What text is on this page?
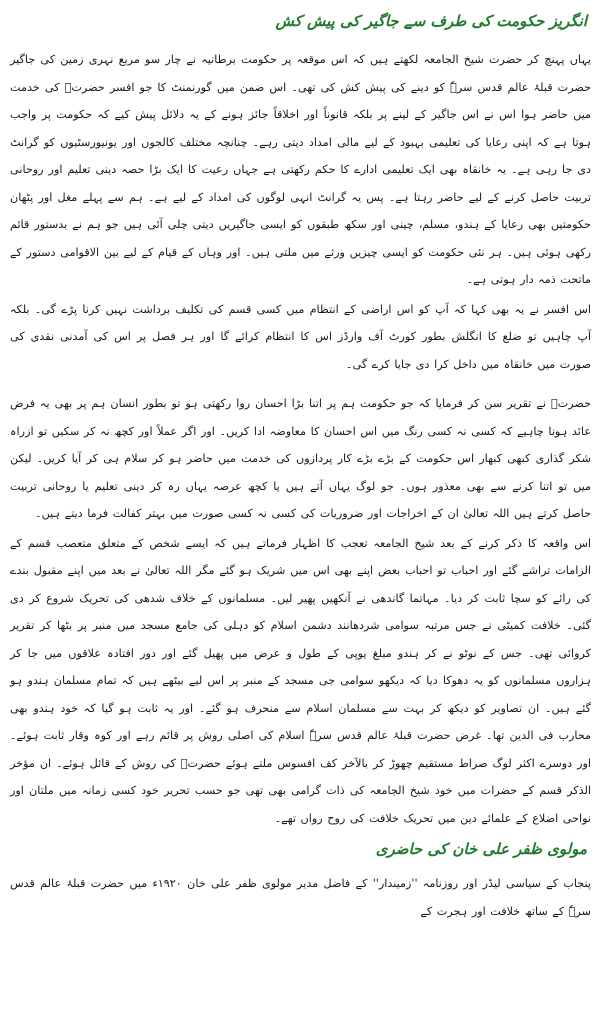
انگریز حکومت کی طرف سے جاگیر کی پیش کش

یہاں پہنچ کر حضرت شیخ الجامعہ لکھتے ہیں کہ اس موقعہ پر حکومت برطانیہ نے چار سو مربع نہری زمین کی جاگیر حضرت قبلۂ عالم قدس سرہٗ کو دینے کی پیش کش کی تھی۔ اس ضمن میں گورنمنٹ کا جو افسر حضرتؒ کی خدمت میں حاضر ہوا اس نے اس جاگیر کے لینے پر بلکہ قانوناً اور اخلاقاً جائز ہونے کے یہ دلائل پیش کیے کہ حکومت پر واجب ہوتا ہے کہ اپنی رعایا کی تعلیمی بہبود کے لیے مالی امداد دیتی رہے۔ چنانچہ مختلف کالجوں اور یونیورسٹیوں کو گرانٹ دی جا رہی ہے۔ یہ خانقاہ بھی ایک تعلیمی ادارے کا حکم رکھتی ہے جہاں رعیت کا ایک بڑا حصہ دینی تعلیم اور روحانی تربیت حاصل کرنے کے لیے حاضر رہتا ہے۔ پس یہ گرانٹ انہی لوگوں کی امداد کے لیے ہے۔ ہم سے پہلے مغل اور پٹھان حکومتیں بھی رعایا کے ہندو، مسلم، چینی اور سکھ طبقوں کو ایسی جاگیریں دیتی چلی آئی ہیں جو ہم نے بدستور قائم رکھی ہوئی ہیں۔ ہر نئی حکومت کو ایسی چیزیں ورثے میں ملتی ہیں۔ اور وہاں کے قیام کے لیے بین الاقوامی دستور کے ماتحت ذمہ دار ہوتی ہے۔

اس افسر نے یہ بھی کہا کہ آپ کو اس اراضی کے انتظام میں کسی قسم کی تکلیف برداشت نہیں کرنا پڑے گی۔ بلکہ آپ چاہیں تو ضلع کا انگلش بطور کورٹ آف وارڈز اس کا انتظام کرائے گا اور ہر فصل پر اس کی آمدنی نقدی کی صورت میں خانقاہ میں داخل کرا دی جایا کرے گی۔

حضرتؒ نے تقریر سن کر فرمایا کہ جو حکومت ہم پر اتنا بڑا احسان روا رکھتی ہو تو بطور انسان ہم پر بھی یہ فرض عائد ہونا چاہیے کہ کسی نہ کسی رنگ میں اس احسان کا معاوضہ ادا کریں۔ اور اگر عملاً اور کچھ نہ کر سکیں تو ازراہ شکر گذاری کبھی کبھار اس حکومت کے بڑے بڑے کار پردازوں کی خدمت میں حاضر ہو کر سلام ہی کر آیا کریں۔ لیکن میں تو اتنا کرنے سے بھی معذور ہوں۔ جو لوگ یہاں آتے ہیں یا کچھ عرصہ یہاں رہ کر دینی تعلیم یا روحانی تربیت حاصل کرتے ہیں اللہ تعالیٰ ان کے اخراجات اور ضروریات کی کسی نہ کسی صورت میں بہتر کفالت فرما دیتے ہیں۔

اس واقعہ کا ذکر کرنے کے بعد شیخ الجامعہ تعجب کا اظہار فرماتے ہیں کہ ایسے شخص کے متعلق متعصب قسم کے الزامات تراشے گئے اور احباب تو احباب بعض اپنے بھی اس میں شریک ہو گئے مگر اللہ تعالیٰ نے بعد میں اپنے مقبول بندے کی رائے کو سچا ثابت کر دیا۔ مہاتما گاندھی نے آنکھیں پھیر لیں۔ مسلمانوں کے خلاف شدھی کی تحریک شروع کر دی گئی۔ خلافت کمیٹی نے جس مرتبہ سوامی شردھانند دشمن اسلام کو دہلی کی جامع مسجد میں منبر پر بٹھا کر تقریر کروائی تھی۔ جس کے نوٹو نے کر ہندو مبلغ یوپی کے طول و عرض میں پھیل گئے اور دور افتادہ علاقوں میں جا کر ہزاروں مسلمانوں کو یہ دھوکا دیا کہ دیکھو سوامی جی مسجد کے منبر پر اس لیے بیٹھے ہیں کہ تمام مسلمان ہندو ہو گئے ہیں۔ ان تصاویر کو دیکھ کر بہت سے مسلمان اسلام سے منحرف ہو گئے۔ اور یہ ثابت ہو گیا کہ خود ہندو بھی محارب فی الدین تھا۔ غرض حضرت قبلۂ عالم قدس سرہٗ اسلام کی اصلی روش پر قائم رہے اور کوہ وقار ثابت ہوئے۔ اور دوسرے اکثر لوگ صراط مستقیم چھوڑ کر بالآخر کف افسوس ملتے ہوئے حضرتؒ کی روش کے قائل ہوئے۔ ان مؤخر الذکر قسم کے حضرات میں خود شیخ الجامعہ کی ذات گرامی بھی تھی جو حسب تحریر خود کسی زمانہ میں ملتان اور نواحی اضلاع کے علمائے دین میں تحریک خلافت کی روح رواں تھے۔

مولوی ظفر علی خان کی حاضری

پنجاب کے سیاسی لیڈر اور روزنامہ ''زمیندار'' کے فاضل مدیر مولوی ظفر علی خان ۱۹۲۰ء میں حضرت قبلۂ عالم قدس سرہٗ کے ساتھ خلافت اور ہجرت کے
